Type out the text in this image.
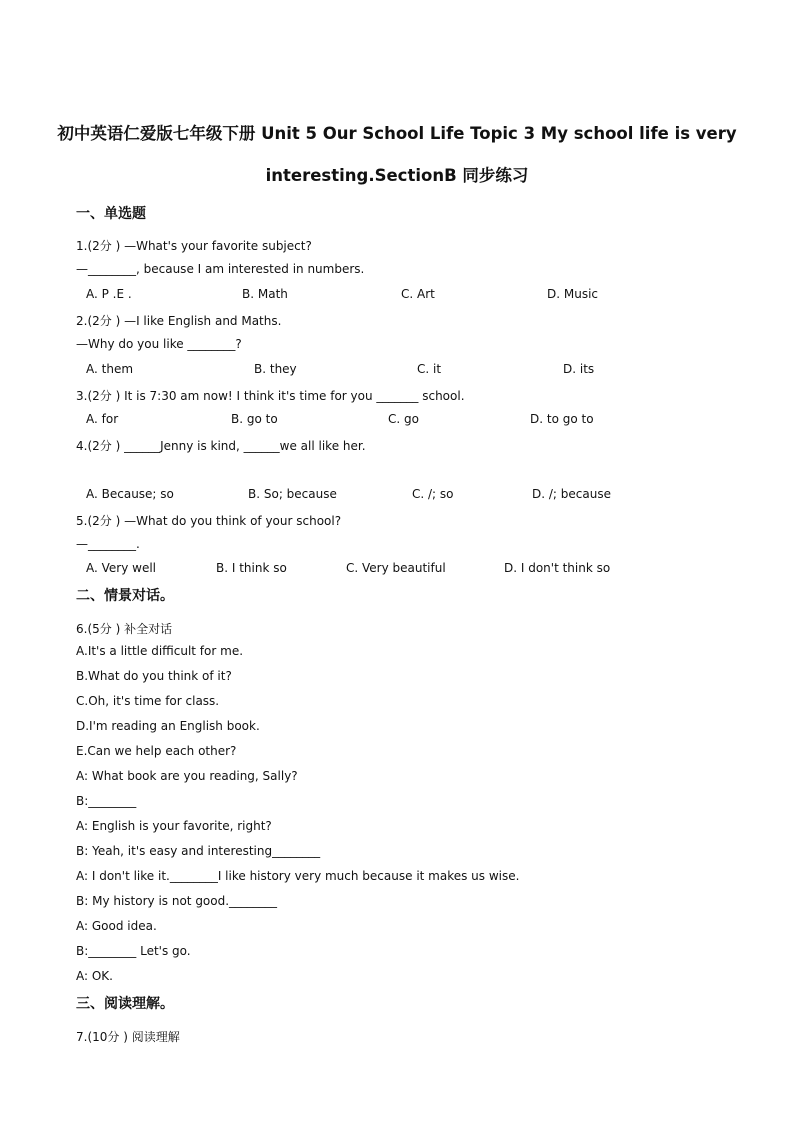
初中英语仁爱版七年级下册 Unit 5 Our School Life Topic 3 My school life is very
interesting.SectionB 同步练习
一、单选题
1.(2分 ) —What's your favorite subject?
—________, because I am interested in numbers.
A. P .E .	B. Math	C. Art	D. Music
2.(2分 ) —I like English and Maths.
—Why do you like ________?
A. them	B. they	C. it	D. its
3.(2分 ) It is 7:30 am now! I think it's time for you _______ school.
A. for	B. go to	C. go	D. to go to
4.(2分 ) ______Jenny is kind, ______we all like her.
A. Because; so	B. So; because	C. /; so	D. /; because
5.(2分 ) —What do you think of your school?
—________.
A. Very well	B. I think so	C. Very beautiful	D. I don't think so
二、情景对话。
6.(5分 ) 补全对话
A.It's a little difficult for me.
B.What do you think of it?
C.Oh, it's time for class.
D.I'm reading an English book.
E.Can we help each other?
A: What book are you reading, Sally?
B:________
A: English is your favorite, right?
B: Yeah, it's easy and interesting________
A: I don't like it.________I like history very much because it makes us wise.
B: My history is not good.________
A: Good idea.
B:________ Let's go.
A: OK.
三、阅读理解。
7.(10分 ) 阅读理解
